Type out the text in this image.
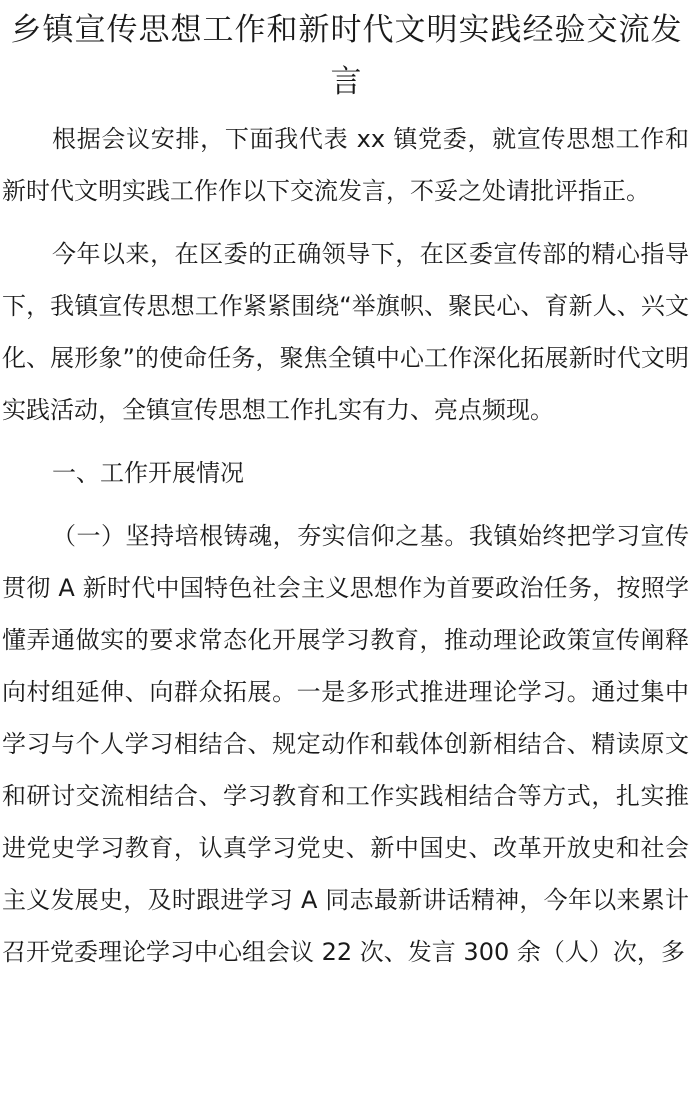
乡镇宣传思想工作和新时代文明实践经验交流发言

根据会议安排，下面我代表 xx 镇党委，就宣传思想工作和新时代文明实践工作作以下交流发言，不妥之处请批评指正。

今年以来，在区委的正确领导下，在区委宣传部的精心指导下，我镇宣传思想工作紧紧围绕“举旗帜、聚民心、育新人、兴文化、展形象”的使命任务，聚焦全镇中心工作深化拓展新时代文明实践活动，全镇宣传思想工作扎实有力、亮点频现。

一、工作开展情况

（一）坚持培根铸魂，夯实信仰之基。我镇始终把学习宣传贯彻 A 新时代中国特色社会主义思想作为首要政治任务，按照学懂弄通做实的要求常态化开展学习教育，推动理论政策宣传阐释向村组延伸、向群众拓展。一是多形式推进理论学习。通过集中学习与个人学习相结合、规定动作和载体创新相结合、精读原文和研讨交流相结合、学习教育和工作实践相结合等方式，扎实推进党史学习教育，认真学习党史、新中国史、改革开放史和社会主义发展史，及时跟进学习 A 同志最新讲话精神，今年以来累计召开党委理论学习中心组会议 22 次、发言 300 余（人）次，多
